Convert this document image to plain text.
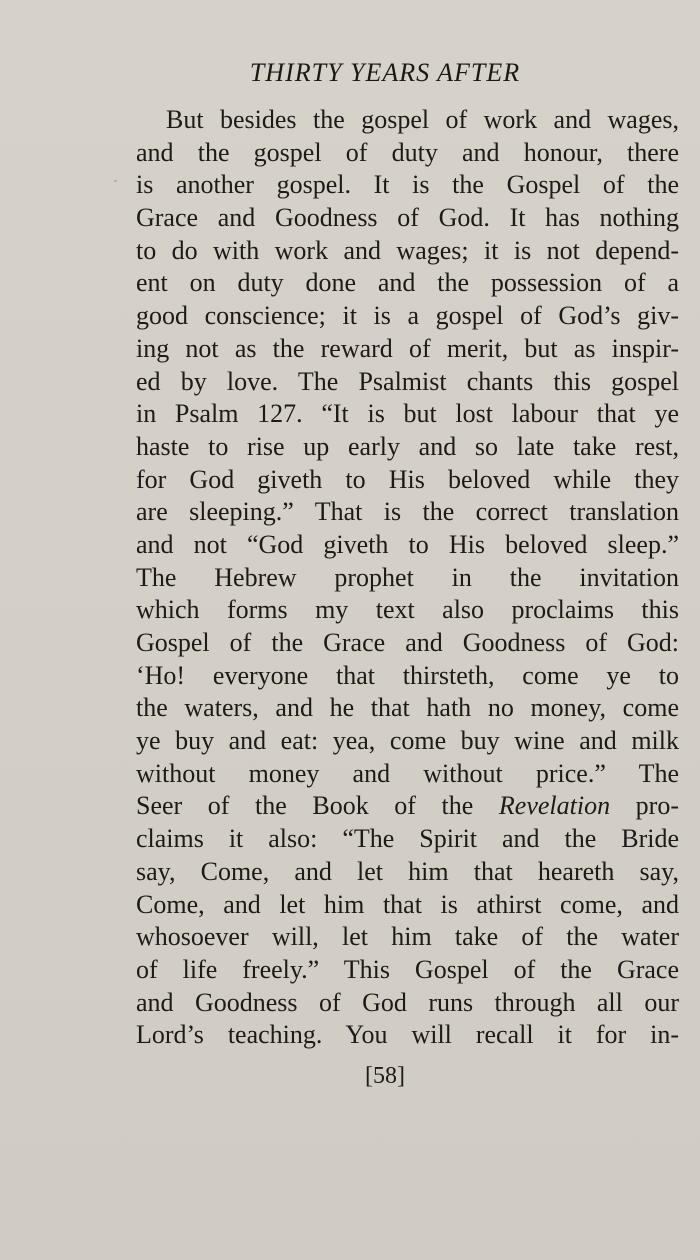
THIRTY YEARS AFTER
But besides the gospel of work and wages,
and the gospel of duty and honour, there
is another gospel. It is the Gospel of the
Grace and Goodness of God. It has nothing
to do with work and wages; it is not depend-
ent on duty done and the possession of a
good conscience; it is a gospel of God’s giv-
ing not as the reward of merit, but as inspir-
ed by love. The Psalmist chants this gospel
in Psalm 127. “It is but lost labour that ye
haste to rise up early and so late take rest,
for God giveth to His beloved while they
are sleeping.” That is the correct translation
and not “God giveth to His beloved sleep.”
The Hebrew prophet in the invitation
which forms my text also proclaims this
Gospel of the Grace and Goodness of God:
‘Ho! everyone that thirsteth, come ye to
the waters, and he that hath no money, come
ye buy and eat: yea, come buy wine and milk
without money and without price.” The
Seer of the Book of the Revelation pro-
claims it also: “The Spirit and the Bride
say, Come, and let him that heareth say,
Come, and let him that is athirst come, and
whosoever will, let him take of the water
of life freely.” This Gospel of the Grace
and Goodness of God runs through all our
Lord’s teaching. You will recall it for in-
[58]
